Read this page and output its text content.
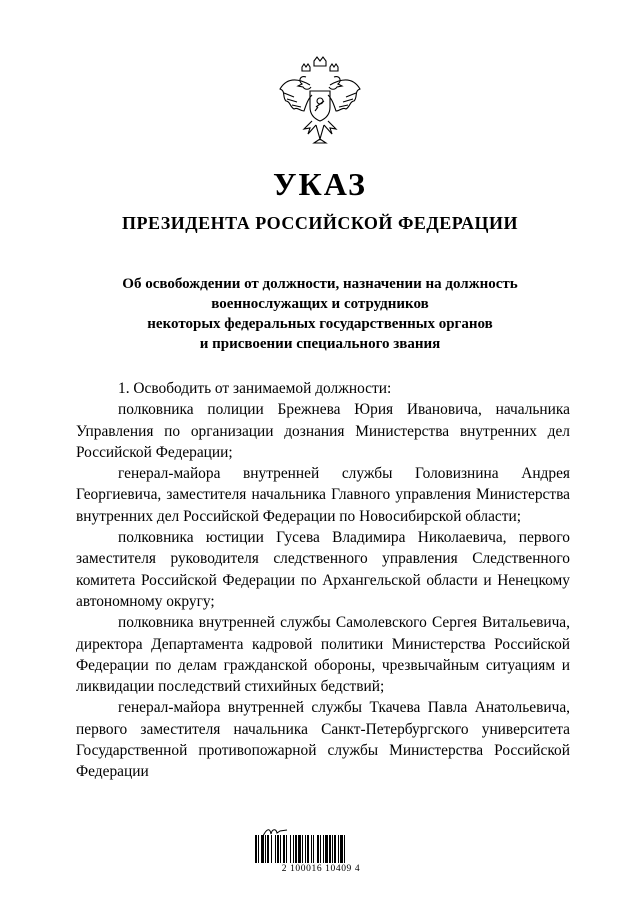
УКАЗ
ПРЕЗИДЕНТА РОССИЙСКОЙ ФЕДЕРАЦИИ
Об освобождении от должности, назначении на должность
военнослужащих и сотрудников
некоторых федеральных государственных органов
и присвоении специального звания

1. Освободить от занимаемой должности:

полковника полиции Брежнева Юрия Ивановича, начальника Управления по организации дознания Министерства внутренних дел Российской Федерации;

генерал-майора внутренней службы Головизнина Андрея Георгиевича, заместителя начальника Главного управления Министерства внутренних дел Российской Федерации по Новосибирской области;

полковника юстиции Гусева Владимира Николаевича, первого заместителя руководителя следственного управления Следственного комитета Российской Федерации по Архангельской области и Ненецкому автономному округу;

полковника внутренней службы Самолевского Сергея Витальевича, директора Департамента кадровой политики Министерства Российской Федерации по делам гражданской обороны, чрезвычайным ситуациям и ликвидации последствий стихийных бедствий;

генерал-майора внутренней службы Ткачева Павла Анатольевича, первого заместителя начальника Санкт-Петербургского университета Государственной противопожарной службы Министерства Российской Федерации

2 100016 10409 4
